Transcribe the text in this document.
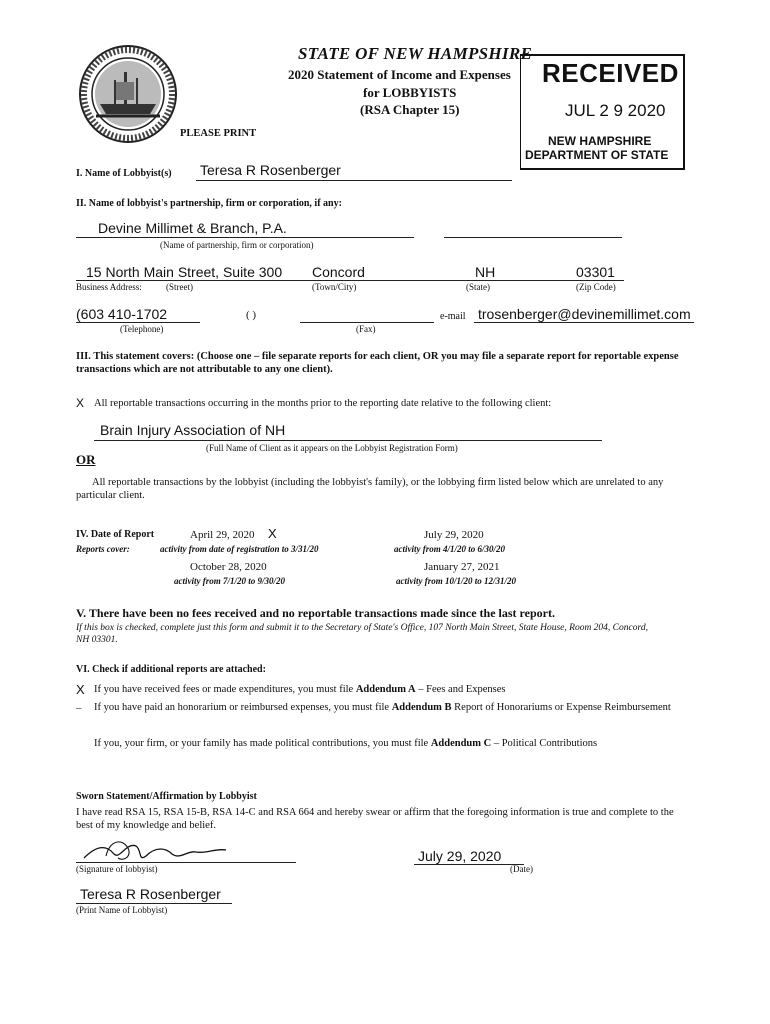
STATE OF NEW HAMPSHIRE
2020 Statement of Income and Expenses
for LOBBYISTS
(RSA Chapter 15)
PLEASE PRINT
RECEIVED
JUL 2 9 2020
NEW HAMPSHIRE
DEPARTMENT OF STATE
I. Name of Lobbyist(s) Teresa R Rosenberger
II. Name of lobbyist's partnership, firm or corporation, if any:
Devine Millimet & Branch, P.A.
(Name of partnership, firm or corporation)
15 North Main Street, Suite 300 Concord	NH	03301
Business Address:	(Street)	(Town/City)	(State)	(Zip Code)
(603 410-1702
(Telephone)
( )
(Fax)
e-mail trosenberger@devinemillimet.com
III. This statement covers: (Choose one – file separate reports for each client, OR you may file a separate report for reportable expense transactions which are not attributable to any one client).
X All reportable transactions occurring in the months prior to the reporting date relative to the following client:
Brain Injury Association of NH
(Full Name of Client as it appears on the Lobbyist Registration Form)
OR
All reportable transactions by the lobbyist (including the lobbyist's family), or the lobbying firm listed below which are unrelated to any particular client.
IV. Date of Report
Reports cover:
April 29, 2020 X
activity from date of registration to 3/31/20
July 29, 2020
activity from 4/1/20 to 6/30/20
October 28, 2020
activity from 7/1/20 to 9/30/20
January 27, 2021
activity from 10/1/20 to 12/31/20
V. There have been no fees received and no reportable transactions made since the last report.
If this box is checked, complete just this form and submit it to the Secretary of State's Office, 107 North Main Street, State House, Room 204, Concord, NH 03301.
VI. Check if additional reports are attached:
X If you have received fees or made expenditures, you must file Addendum A – Fees and Expenses
_ If you have paid an honorarium or reimbursed expenses, you must file Addendum B Report of Honorariums or Expense Reimbursement
If you, your firm, or your family has made political contributions, you must file Addendum C – Political Contributions
Sworn Statement/Affirmation by Lobbyist
I have read RSA 15, RSA 15-B, RSA 14-C and RSA 664 and hereby swear or affirm that the foregoing information is true and complete to the best of my knowledge and belief.
(Signature of lobbyist)
July 29, 2020
(Date)
Teresa R Rosenberger
(Print Name of Lobbyist)
